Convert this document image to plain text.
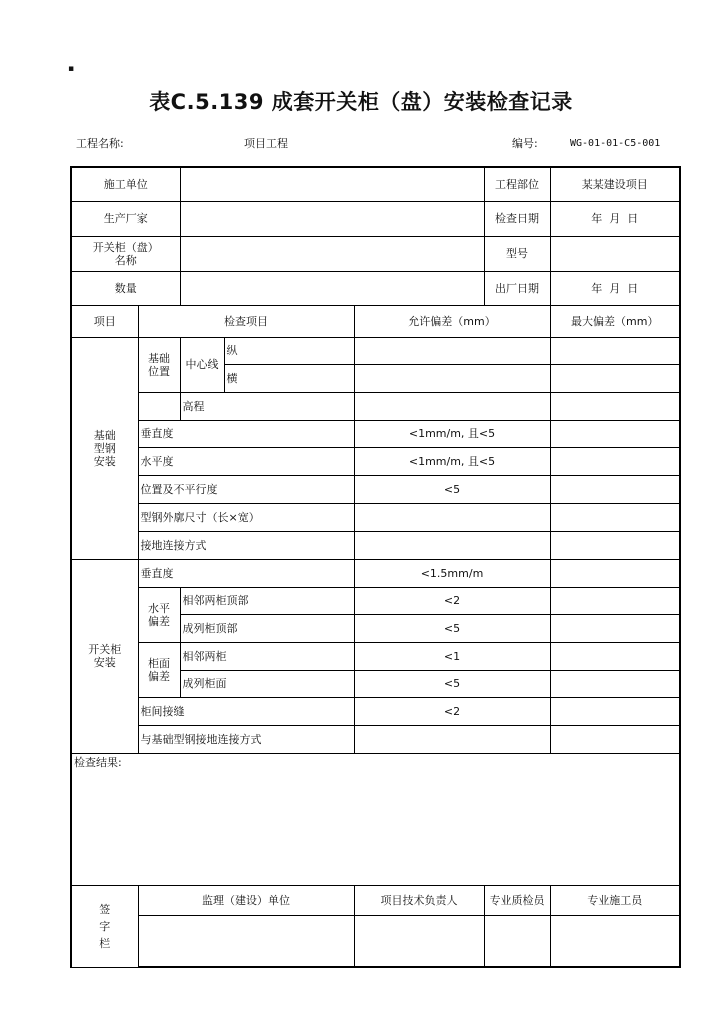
▪
表C.5.139 成套开关柜（盘）安装检查记录
工程名称:	项目工程	编号:	WG-01-01-C5-001
施工单位					工程部位	某某建设项目
生产厂家					检查日期	年  月  日
开关柜（盘）
名称					型号	
数量					出厂日期	年  月  日
项目	检查项目			允许偏差（mm）		最大偏差（mm）
基础型钢安装	基础位置	中心线	纵			
			横			
		高程				
	垂直度			<1mm/m, 且<5		
	水平度			<1mm/m, 且<5		
	位置及不平行度			<5		
	型钢外廓尺寸（长×宽）					
	接地连接方式					
开关柜安装	垂直度			<1.5mm/m		
	水平偏差	相邻两柜顶部		<2		
		成列柜顶部		<5		
	柜面偏差	相邻两柜		<1		
		成列柜面		<5		
	柜间接缝			<2		
	与基础型钢接地连接方式					
检查结果:						
签字栏	监理（建设）单位			项目技术负责人	专业质检员	专业施工员
